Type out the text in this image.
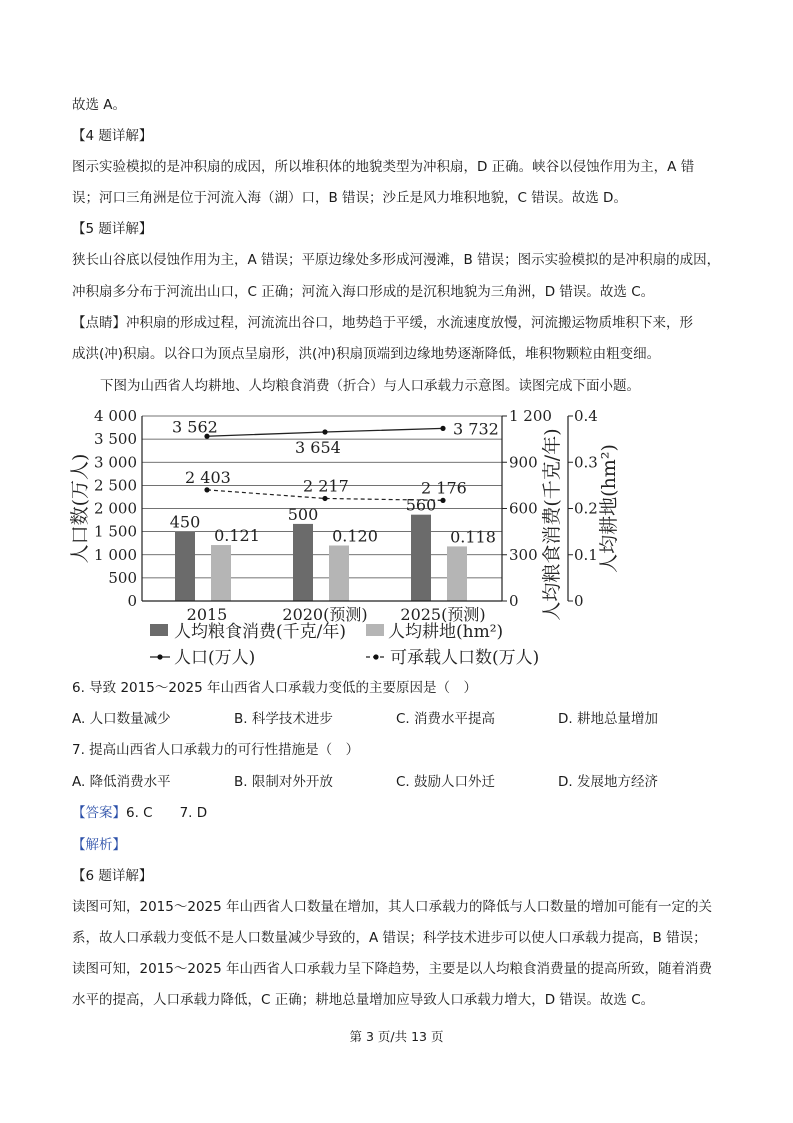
故选 A。
【4 题详解】
图示实验模拟的是冲积扇的成因，所以堆积体的地貌类型为冲积扇，D 正确。峡谷以侵蚀作用为主，A 错
误；河口三角洲是位于河流入海（湖）口，B 错误；沙丘是风力堆积地貌，C 错误。故选 D。
【5 题详解】
狭长山谷底以侵蚀作用为主，A 错误；平原边缘处多形成河漫滩，B 错误；图示实验模拟的是冲积扇的成因，
冲积扇多分布于河流出山口，C 正确；河流入海口形成的是沉积地貌为三角洲，D 错误。故选 C。
【点睛】冲积扇的形成过程，河流流出谷口，地势趋于平缓，水流速度放慢，河流搬运物质堆积下来，形
成洪(冲)积扇。以谷口为顶点呈扇形，洪(冲)积扇顶端到边缘地势逐渐降低，堆积物颗粒由粗变细。
下图为山西省人均耕地、人均粮食消费（折合）与人口承载力示意图。读图完成下面小题。
0
500
1 000
1 500
2 000
2 500
3 000
3 500
4 000
0
300
600
900
1 200
0
0.1
0.2
0.3
0.4
人口数(万人)	人均粮食消费(千克/年) 人均耕地(hm²)
2015	2020(预测) 2025(预测)
450
0.121
500
0.120
560
0.118
3 562
3 654
3 732
2 403	2 217	2 176
人均粮食消费(千克/年) 人均耕地(hm²)
人口(万人)	可承载人口数(万人)
6. 导致 2015～2025 年山西省人口承载力变低的主要原因是（　）
A. 人口数量减少	B. 科学技术进步	C. 消费水平提高	D. 耕地总量增加
7. 提高山西省人口承载力的可行性措施是（　）
A. 降低消费水平	B. 限制对外开放	C. 鼓励人口外迁	D. 发展地方经济
【答案】6. C　　7. D
【解析】
【6 题详解】
读图可知，2015～2025 年山西省人口数量在增加，其人口承载力的降低与人口数量的增加可能有一定的关
系，故人口承载力变低不是人口数量减少导致的，A 错误；科学技术进步可以使人口承载力提高，B 错误；
读图可知，2015～2025 年山西省人口承载力呈下降趋势，主要是以人均粮食消费量的提高所致，随着消费
水平的提高，人口承载力降低，C 正确；耕地总量增加应导致人口承载力增大，D 错误。故选 C。
第 3 页/共 13 页
